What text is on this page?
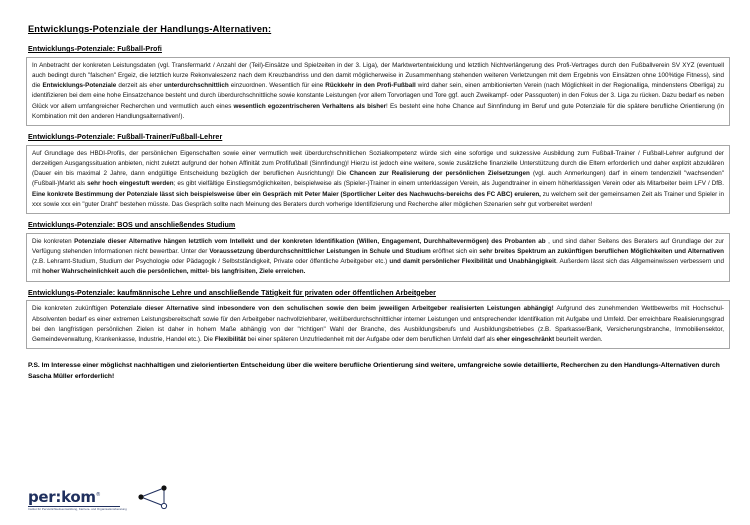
Entwicklungs-Potenziale der Handlungs-Alternativen:
Entwicklungs-Potenziale: Fußball-Profi
In Anbetracht der konkreten Leistungsdaten (vgl. Transfermarkt / Anzahl der (Teil)-Einsätze und Spielzeiten in der 3. Liga), der Marktwertentwicklung und letztlich Nichtverlängerung des Profi-Vertrages durch den Fußballverein SV XYZ (eventuell auch bedingt durch "falschen" Ergeiz, die letztlich kurze Rekonvaleszenz nach dem Kreuzbandriss und den damit möglicherweise in Zusammenhang stehenden weiteren Verletzungen mit dem Ergebnis von Einsätzen ohne 100%tige Fitness), sind die Entwicklungs-Potenziale derzeit als eher unterdurchschnittlich einzuordnen. Wesentlich für eine Rückkehr in den Profi-Fußball wird daher sein, einen ambitionierten Verein (nach Möglichkeit in der Regionalliga, mindenstens Oberliga) zu identifizieren bei dem eine hohe Einsatzchance besteht und durch überdurchschnittliche sowie konstante Leistungen (vor allem Torvorlagen und Tore ggf. auch Zweikampf- oder Passquoten) in den Fokus der 3. Liga zu rücken. Dazu bedarf es neben Glück vor allem umfangreicher Recherchen und vermutlich auch eines wesentlich egozentrischeren Verhaltens als bisher! Es besteht eine hohe Chance auf Sinnfindung im Beruf und gute Potenziale für die spätere berufliche Orientierung (in Kombination mit den anderen Handlungsalternativen!).
Entwicklungs-Potenziale: Fußball-Trainer/Fußball-Lehrer
Auf Grundlage des HBDI-Profils, der persönlichen Eigenschaften sowie einer vermutlich weit überdurchschnitlichen Sozialkompetenz würde sich eine sofortige und sukzessive Ausbildung zum Fußball-Trainer / Fußball-Lehrer aufgrund der derzeitigen Ausgangssituation anbieten, nicht zuletzt aufgrund der hohen Affinität zum Profifußball (Sinnfindung)! Hierzu ist jedoch eine weitere, sowie zusätzliche finanzielle Unterstützung durch die Eltern erforderlich und daher explizit abzuklären (Dauer ein bis maximal 2 Jahre, dann endgültige Entscheidung bezüglich der beruflichen Ausrichtung)! Die Chancen zur Realisierung der persönlichen Zielsetzungen (vgl. auch Anmerkungen) darf in einem tendenziell "wachsenden" (Fußball-)Markt als sehr hoch eingestuft werden; es gibt vielfältige Einstiegsmöglichkeiten, beispielweise als (Spieler-)Trainer in einem unterklassigen Verein, als Jugendtrainer in einem höherklassigen Verein oder als Mitarbeiter beim LFV / DfB. Eine konkrete Bestimmung der Potenziale lässt sich beispielsweise über ein Gespräch mit Peter Maier (Sportlicher Leiter des Nachwuchs-bereichs des FC ABC) eruieren, zu welchem seit der gemeinsamen Zeit als Trainer und Spieler in xxx sowie xxx ein "guter Draht" bestehen müsste. Das Gespräch sollte nach Meinung des Beraters durch vorherige Identifizierung und Recherche aller möglichen Szenarien sehr gut vorbereitet werden!
Entwicklungs-Potenziale: BOS und anschließendes Studium
Die konkreten Potenziale dieser Alternative hängen letztlich vom Intellekt und der konkreten Identifikation (Willen, Engagement, Durchhaltevermögen) des Probanten ab , und sind daher Seitens des Beraters auf Grundlage der zur Verfügung stehenden Informationen nicht bewertbar. Unter der Voraussetzung überdurchschnittlicher Leistungen in Schule und Studium eröffnet sich ein sehr breites Spektrum an zukünftigen beruflichen Möglichkeiten und Alternativen (z.B. Lehramt-Studium, Studium der Psychologie oder Pädagogik / Selbstständigkeit, Private oder öffentliche Arbeitgeber etc.) und damit persönlicher Flexibilität und Unabhängigkeit. Außerdem lässt sich das Allgemeinwissen verbessern und mit hoher Wahrscheinlichkeit auch die persönlichen, mittel- bis langfrisiten, Ziele erreichen.
Entwicklungs-Potenziale: kaufmännische Lehre und anschließende Tätigkeit für privaten oder öffentlichen Arbeitgeber
Die konkreten zukünftigen Potenziale dieser Alternative sind inbesondere von den schulischen sowie den beim jeweiligen Arbeitgeber realisierten Leistungen abhängig! Aufgrund des zunehmenden Wettbewerbs mit Hochschul-Absolventen bedarf es einer extremen Leistungsbereitschaft sowie für den Arbeitgeber nachvollziehbarer, weitüberdurchschnittlicher interner Leistungen und entsprechender Identifikation mit Aufgabe und Umfeld. Der erreichbare Realisierungsgrad bei den langfristigen persönlichen Zielen ist daher in hohem Maße abhängig von der "richtigen" Wahl der Branche, des Ausbildungsberufs und Ausbildungsbetriebes (z.B. Sparkasse/Bank, Versicherungsbranche, Immobiliensektor, Gemeindeverwaltung, Krankenkasse, Industrie, Handel etc.). Die Flexibilität bei einer späteren Unzufriedenheit mit der Aufgabe oder dem beruflichen Umfeld darf als eher eingeschränkt beurteilt werden.
P.S. Im Interesse einer möglichst nachhaltigen und zielorientierten Entscheidung über die weitere berufliche Orientierung sind weitere, umfangreiche sowie detaillierte, Recherchen zu den Handlungs-Alternativen durch Sascha Müller erforderlich!
per:kom®
Institut für Persönlichkeitsentwicklung, Karriere- und Organisationsberatung
